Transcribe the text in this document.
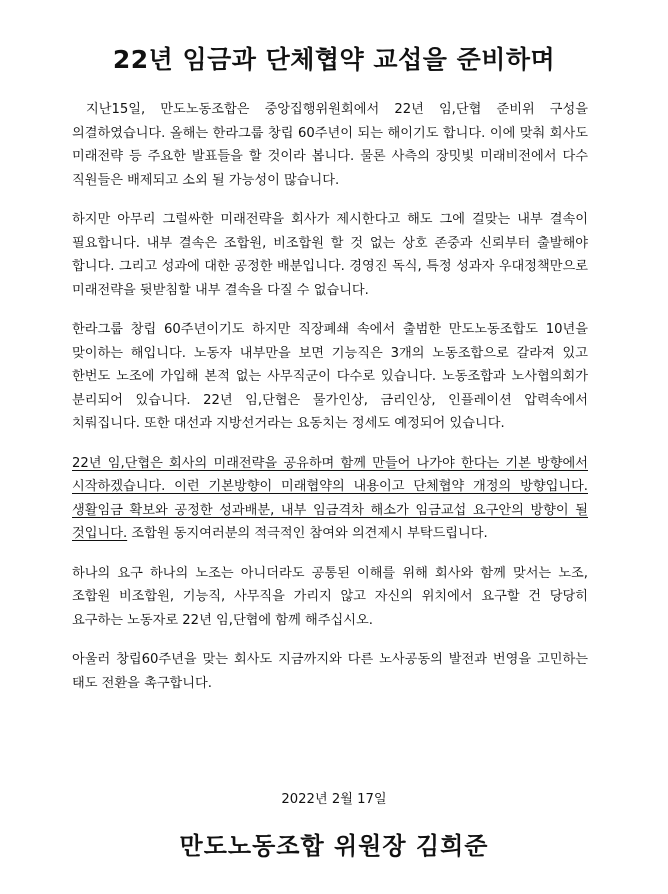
22년 임금과 단체협약 교섭을 준비하며

지난15일, 만도노동조합은 중앙집행위원회에서 22년 임,단협 준비위 구성을 의결하였습니다. 올해는 한라그룹 창립 60주년이 되는 해이기도 합니다. 이에 맞춰 회사도 미래전략 등 주요한 발표들을 할 것이라 봅니다. 물론 사측의 장밋빛 미래비전에서 다수 직원들은 배제되고 소외 될 가능성이 많습니다.

하지만 아무리 그럴싸한 미래전략을 회사가 제시한다고 해도 그에 걸맞는 내부 결속이 필요합니다. 내부 결속은 조합원, 비조합원 할 것 없는 상호 존중과 신뢰부터 출발해야 합니다. 그리고 성과에 대한 공정한 배분입니다. 경영진 독식, 특정 성과자 우대정책만으로 미래전략을 뒷받침할 내부 결속을 다질 수 없습니다.

한라그룹 창립 60주년이기도 하지만 직장폐쇄 속에서 출범한 만도노동조합도 10년을 맞이하는 해입니다. 노동자 내부만을 보면 기능직은 3개의 노동조합으로 갈라져 있고 한번도 노조에 가입해 본적 없는 사무직군이 다수로 있습니다. 노동조합과 노사협의회가 분리되어 있습니다. 22년 임,단협은 물가인상, 금리인상, 인플레이션 압력속에서 치뤄집니다. 또한 대선과 지방선거라는 요동치는 정세도 예정되어 있습니다.

22년 임,단협은 회사의 미래전략을 공유하며 함께 만들어 나가야 한다는 기본 방향에서 시작하겠습니다. 이런 기본방향이 미래협약의 내용이고 단체협약 개정의 방향입니다. 생활임금 확보와 공정한 성과배분, 내부 임금격차 해소가 임금교섭 요구안의 방향이 될 것입니다. 조합원 동지여러분의 적극적인 참여와 의견제시 부탁드립니다.

하나의 요구 하나의 노조는 아니더라도 공통된 이해를 위해 회사와 함께 맞서는 노조, 조합원 비조합원, 기능직, 사무직을 가리지 않고 자신의 위치에서 요구할 건 당당히 요구하는 노동자로 22년 임,단협에 함께 해주십시오.

아울러 창립60주년을 맞는 회사도 지금까지와 다른 노사공동의 발전과 번영을 고민하는 태도 전환을 촉구합니다.

2022년 2월 17일
만도노동조합 위원장 김희준
